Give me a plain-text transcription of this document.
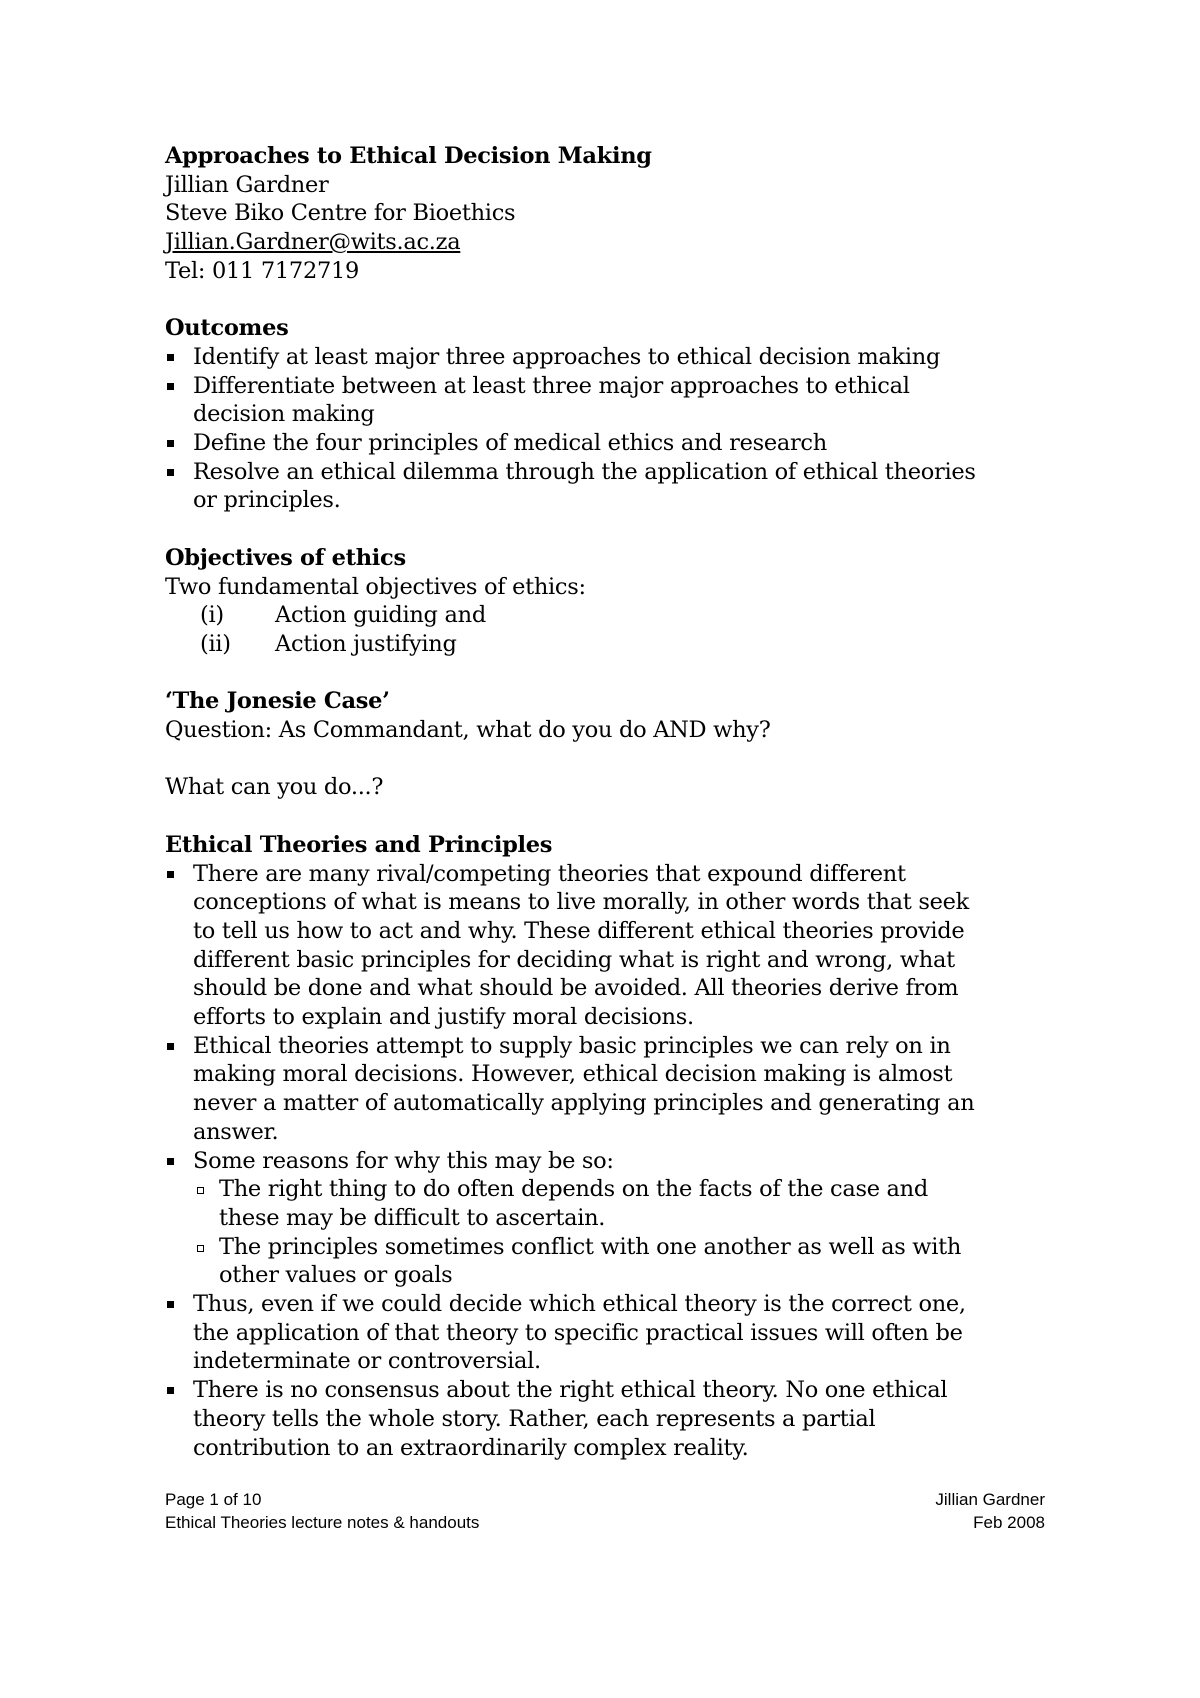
Approaches to Ethical Decision Making
Jillian Gardner
Steve Biko Centre for Bioethics
Jillian.Gardner@wits.ac.za
Tel: 011 7172719
Outcomes
Identify at least major three approaches to ethical decision making
Differentiate between at least three major approaches to ethical
decision making
Define the four principles of medical ethics and research
Resolve an ethical dilemma through the application of ethical theories
or principles.
Objectives of ethics
Two fundamental objectives of ethics:
(i) Action guiding and
(ii) Action justifying
‘The Jonesie Case’
Question: As Commandant, what do you do AND why?
What can you do...?
Ethical Theories and Principles
There are many rival/competing theories that expound different
conceptions of what is means to live morally, in other words that seek
to tell us how to act and why. These different ethical theories provide
different basic principles for deciding what is right and wrong, what
should be done and what should be avoided. All theories derive from
efforts to explain and justify moral decisions.
Ethical theories attempt to supply basic principles we can rely on in
making moral decisions. However, ethical decision making is almost
never a matter of automatically applying principles and generating an
answer.
Some reasons for why this may be so:
The right thing to do often depends on the facts of the case and
these may be difficult to ascertain.
The principles sometimes conflict with one another as well as with
other values or goals
Thus, even if we could decide which ethical theory is the correct one,
the application of that theory to specific practical issues will often be
indeterminate or controversial.
There is no consensus about the right ethical theory. No one ethical
theory tells the whole story. Rather, each represents a partial
contribution to an extraordinarily complex reality.
Page 1 of 10	Jillian Gardner
Ethical Theories lecture notes & handouts	Feb 2008
